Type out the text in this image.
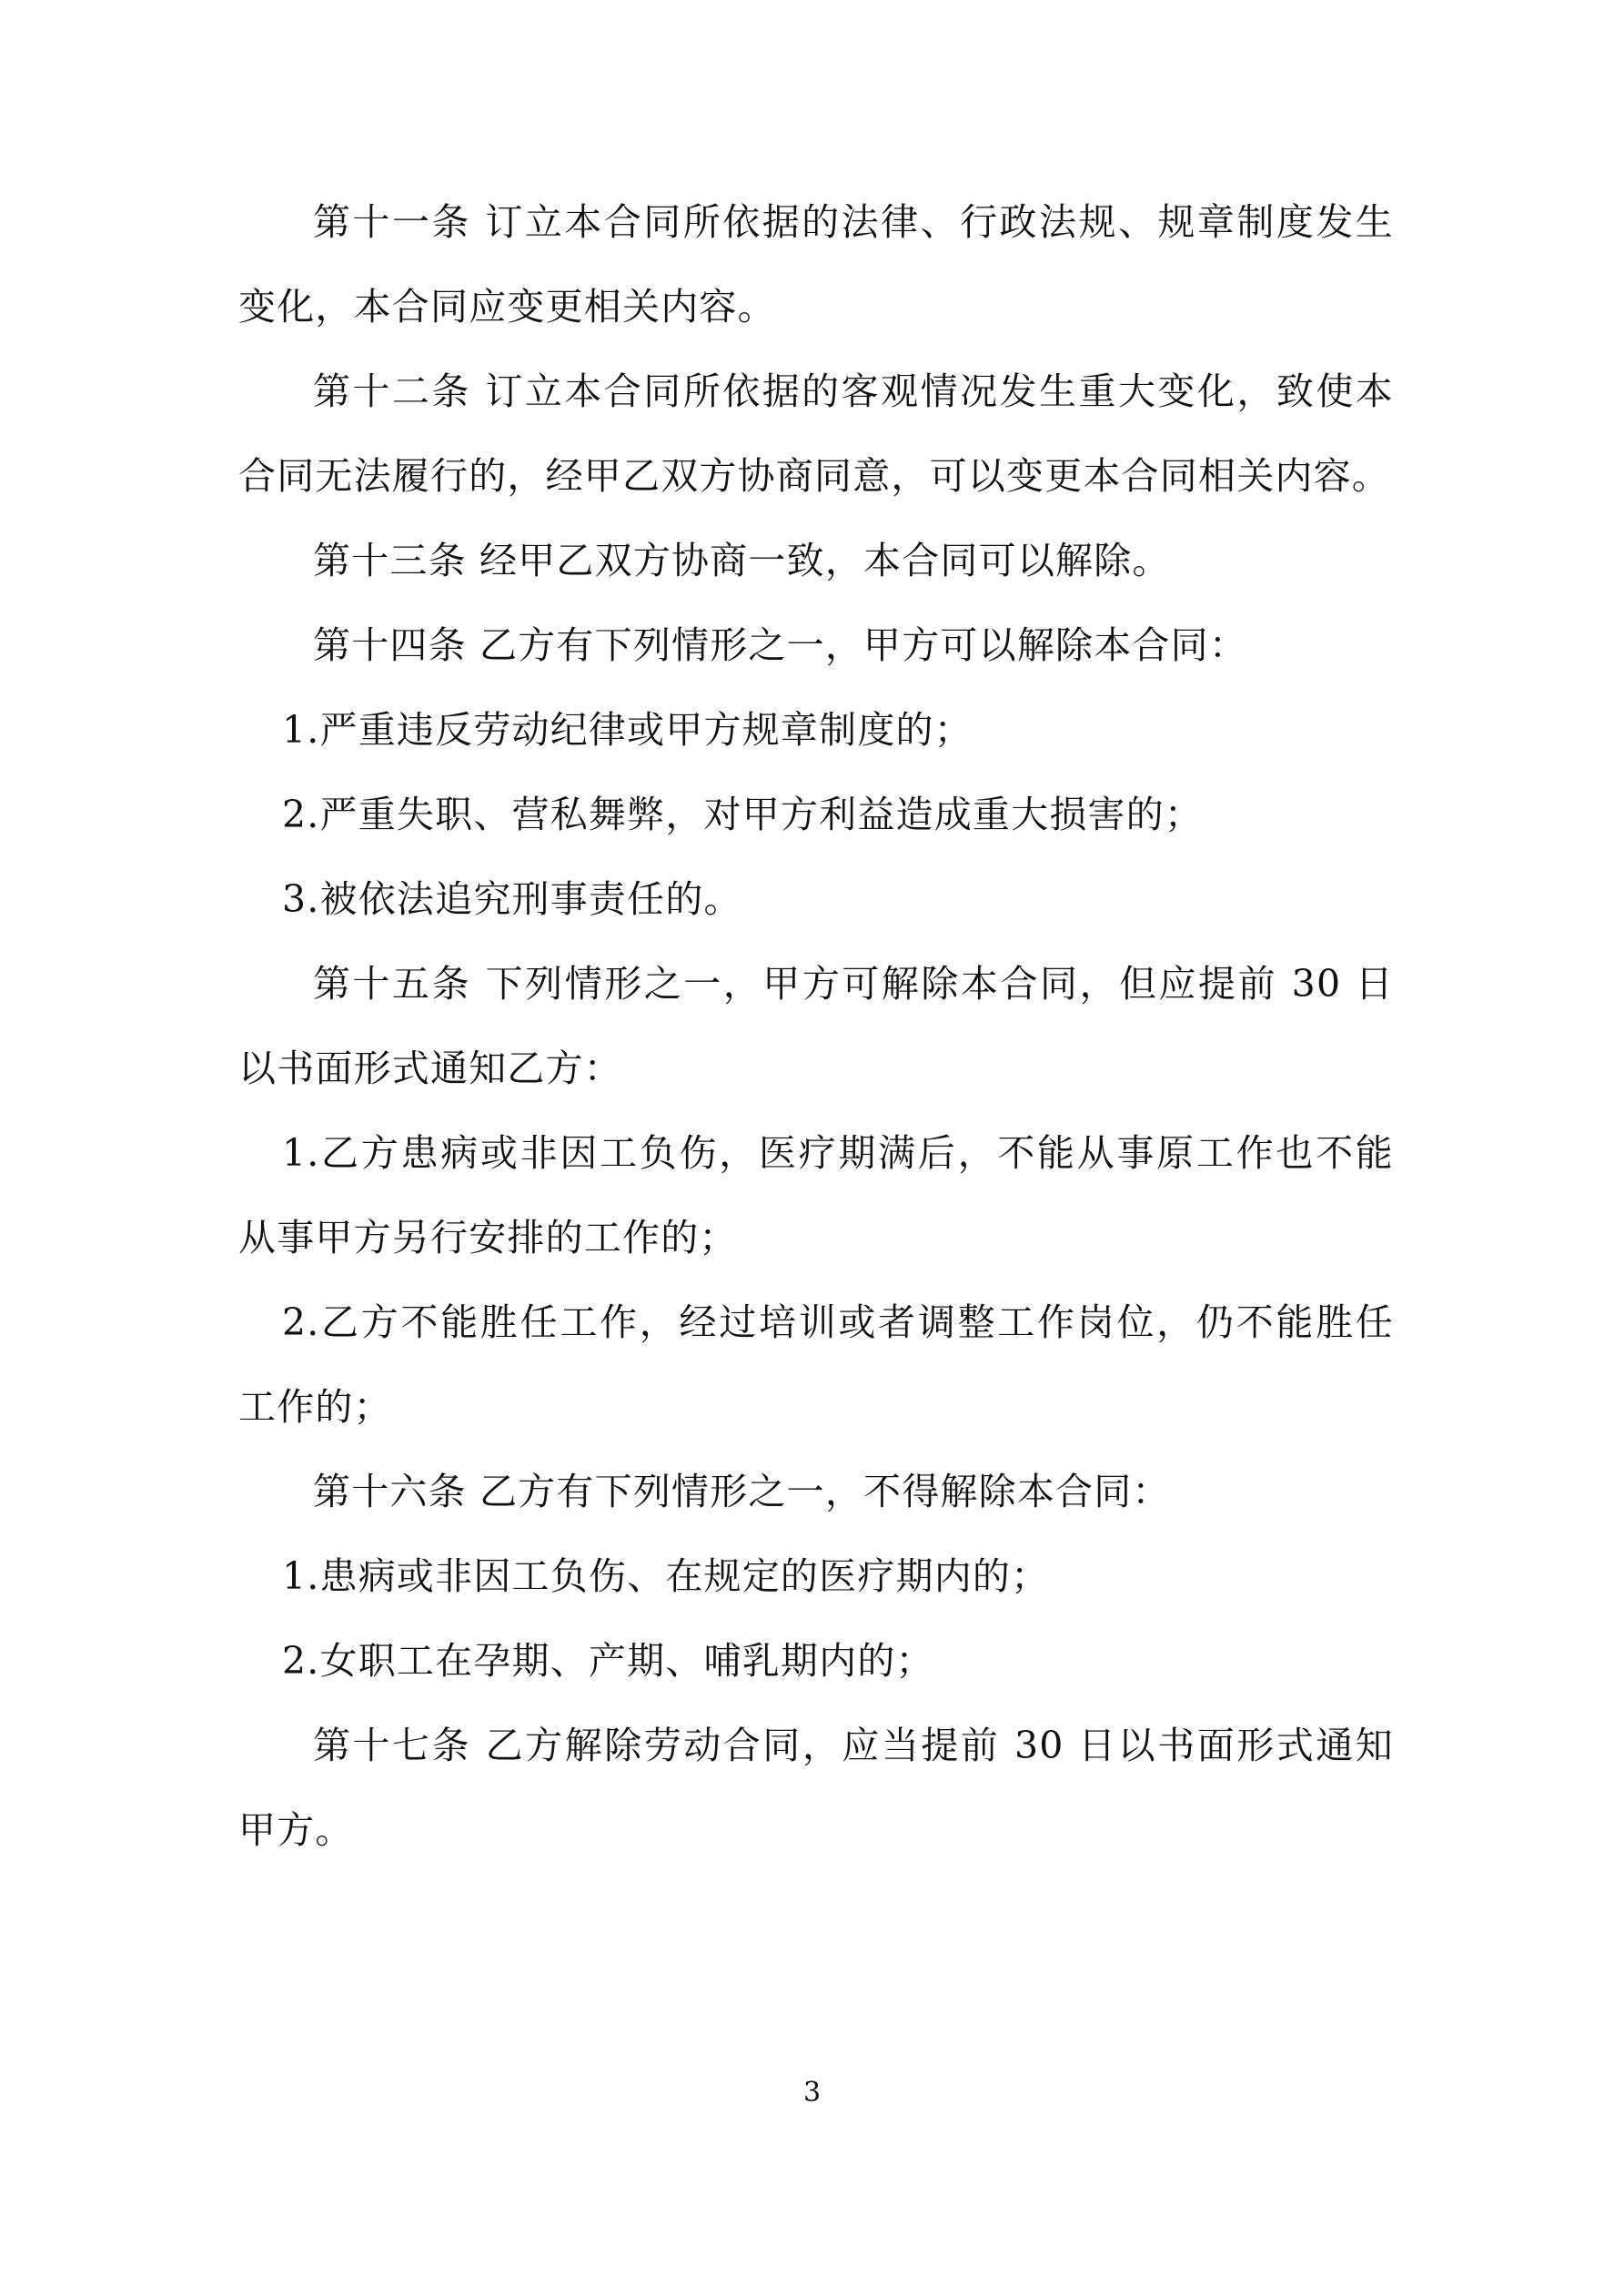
第十一条 订立本合同所依据的法律、行政法规、规章制度发生变化，本合同应变更相关内容。

第十二条 订立本合同所依据的客观情况发生重大变化，致使本合同无法履行的，经甲乙双方协商同意，可以变更本合同相关内容。

第十三条 经甲乙双方协商一致，本合同可以解除。

第十四条 乙方有下列情形之一，甲方可以解除本合同：

1.严重违反劳动纪律或甲方规章制度的；

2.严重失职、营私舞弊，对甲方利益造成重大损害的；

3.被依法追究刑事责任的。

第十五条 下列情形之一，甲方可解除本合同，但应提前 30 日以书面形式通知乙方：

1.乙方患病或非因工负伤，医疗期满后，不能从事原工作也不能从事甲方另行安排的工作的；

2.乙方不能胜任工作，经过培训或者调整工作岗位，仍不能胜任工作的；

第十六条 乙方有下列情形之一，不得解除本合同：

1.患病或非因工负伤、在规定的医疗期内的；

2.女职工在孕期、产期、哺乳期内的；

第十七条 乙方解除劳动合同，应当提前 30 日以书面形式通知甲方。

3
